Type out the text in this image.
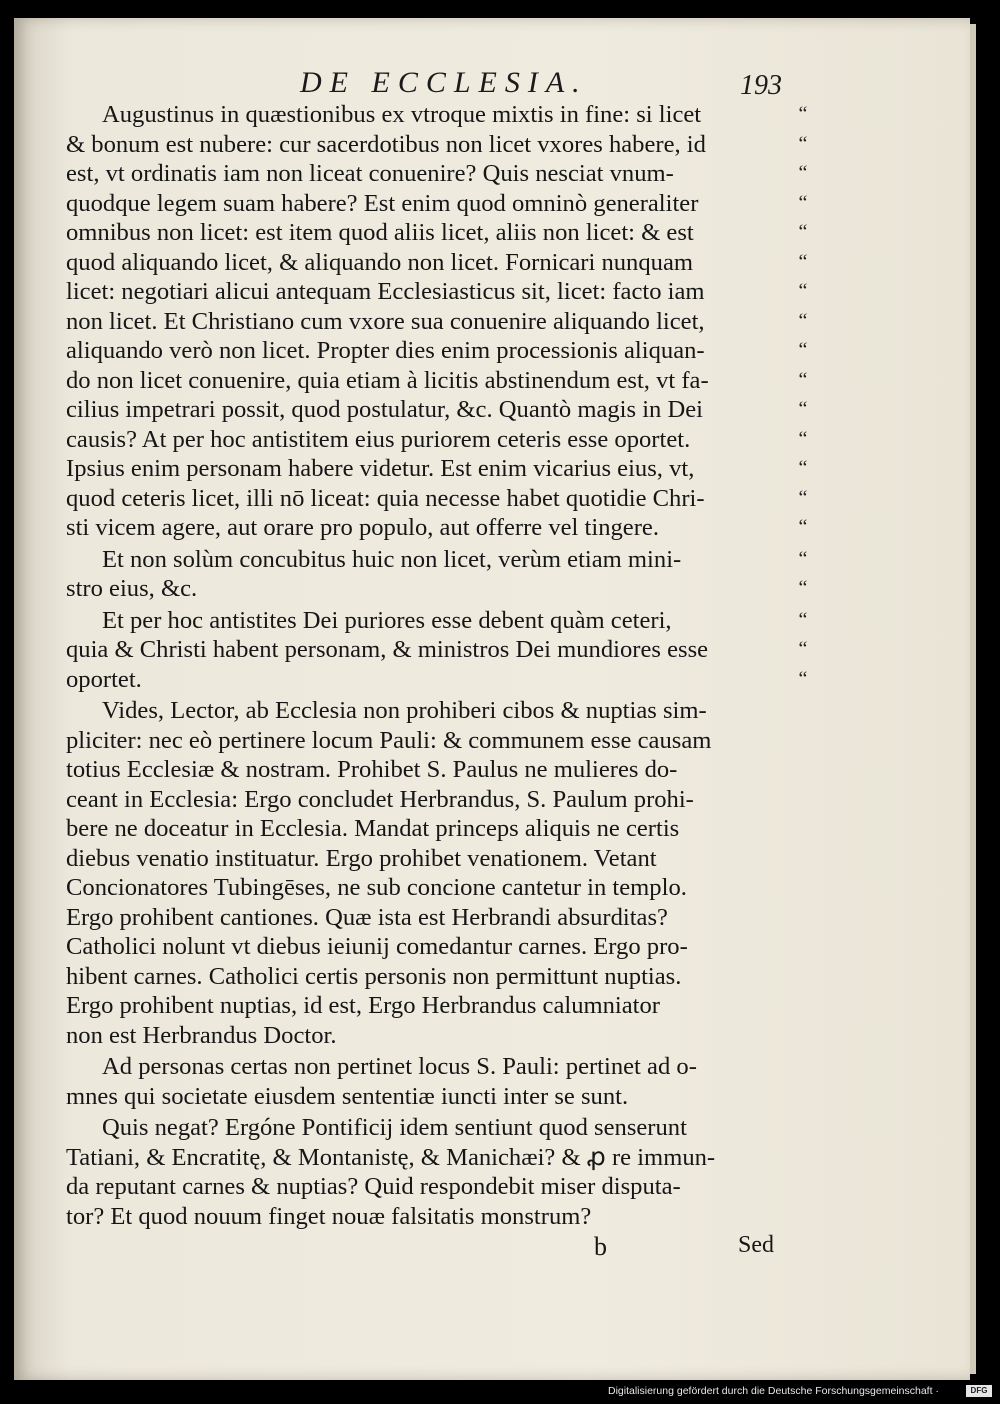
DE ECCLESIA.	193
Augustinus in quæstionibus ex vtroque mixtis in fine: si licet
& bonum est nubere: cur sacerdotibus non licet vxores habere, id
est, vt ordinatis iam non liceat conuenire? Quis nesciat vnum-
quodque legem suam habere? Est enim quod omninò generaliter
omnibus non licet: est item quod aliis licet, aliis non licet: & est
quod aliquando licet, & aliquando non licet. Fornicari nunquam
licet: negotiari alicui antequam Ecclesiasticus sit, licet: facto iam
non licet. Et Christiano cum vxore sua conuenire aliquando licet,
aliquando verò non licet. Propter dies enim processionis aliquan-
do non licet conuenire, quia etiam à licitis abstinendum est, vt fa-
cilius impetrari possit, quod postulatur, &c. Quantò magis in Dei
causis? At per hoc antistitem eius puriorem ceteris esse oportet.
Ipsius enim personam habere videtur. Est enim vicarius eius, vt,
quod ceteris licet, illi nō liceat: quia necesse habet quotidie Chri-
sti vicem agere, aut orare pro populo, aut offerre vel tingere.
Et non solùm concubitus huic non licet, verùm etiam mini-
stro eius, &c.
Et per hoc antistites Dei puriores esse debent quàm ceteri,
quia & Christi habent personam, & ministros Dei mundiores esse
oportet.
Vides, Lector, ab Ecclesia non prohiberi cibos & nuptias sim-
pliciter: nec eò pertinere locum Pauli: & communem esse causam
totius Ecclesiæ & nostram. Prohibet S. Paulus ne mulieres do-
ceant in Ecclesia: Ergo concludet Herbrandus, S. Paulum prohi-
bere ne doceatur in Ecclesia. Mandat princeps aliquis ne certis
diebus venatio instituatur. Ergo prohibet venationem. Vetant
Concionatores Tubingēses, ne sub concione cantetur in templo.
Ergo prohibent cantiones. Quæ ista est Herbrandi absurditas?
Catholici nolunt vt diebus ieiunij comedantur carnes. Ergo pro-
hibent carnes. Catholici certis personis non permittunt nuptias.
Ergo prohibent nuptias, id est, Ergo Herbrandus calumniator
non est Herbrandus Doctor.
Ad personas certas non pertinet locus S. Pauli: pertinet ad o-
mnes qui societate eiusdem sententiæ iuncti inter se sunt.
Quis negat? Ergóne Pontificij idem sentiunt quod senserunt
Tatiani, & Encratitę, & Montanistę, & Manichæi? & ꝓ re immun-
da reputant carnes & nuptias? Quid respondebit miser disputa-
tor? Et quod nouum finget nouæ falsitatis monstrum?
“
“
“
“
“
“
“
“
“
“
“
“
“
“
“
“
“
“
“
“
b	Sed
Digitalisierung gefördert durch die Deutsche Forschungsgemeinschaft ·	DFG
